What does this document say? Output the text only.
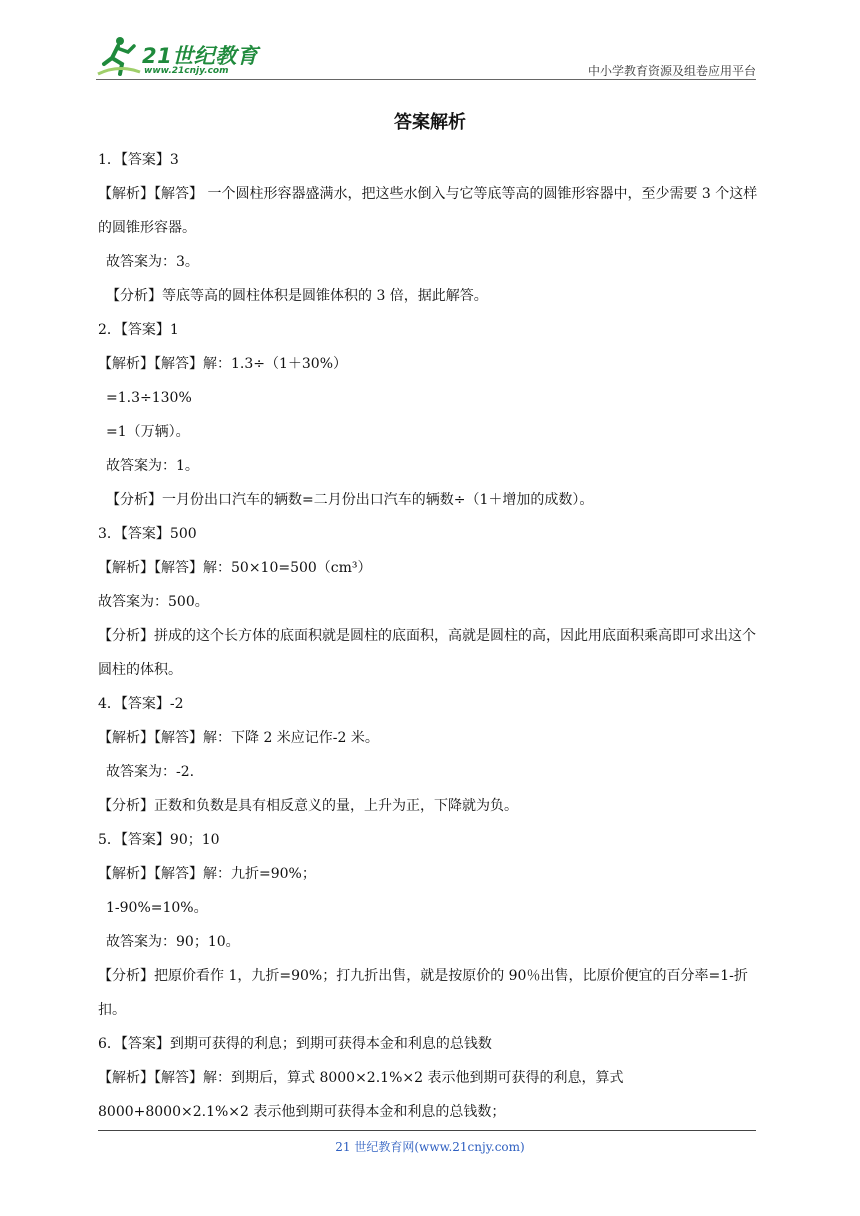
21世纪教育
www.21cnjy.com	中小学教育资源及组卷应用平台
答案解析
1．【答案】3
【解析】【解答】 一个圆柱形容器盛满水，把这些水倒入与它等底等高的圆锥形容器中，至少需要 3 个这样的圆锥形容器。
故答案为：3。
【分析】等底等高的圆柱体积是圆锥体积的 3 倍，据此解答。
2．【答案】1
【解析】【解答】解：1.3÷（1＋30%）
=1.3÷130%
=1（万辆）。
故答案为：1。
【分析】一月份出口汽车的辆数=二月份出口汽车的辆数÷（1＋增加的成数）。
3．【答案】500
【解析】【解答】解：50×10=500（cm³）
故答案为：500。
【分析】拼成的这个长方体的底面积就是圆柱的底面积，高就是圆柱的高，因此用底面积乘高即可求出这个圆柱的体积。
4．【答案】-2
【解析】【解答】解：下降 2 米应记作-2 米。
故答案为：-2.
【分析】正数和负数是具有相反意义的量，上升为正，下降就为负。
5．【答案】90；10
【解析】【解答】解：九折=90%；
1-90%=10%。
故答案为：90；10。
【分析】把原价看作 1，九折=90%；打九折出售，就是按原价的 90％出售，比原价便宜的百分率=1-折扣。
6．【答案】到期可获得的利息；到期可获得本金和利息的总钱数
【解析】【解答】解：到期后，算式 8000×2.1%×2 表示他到期可获得的利息，算式 8000+8000×2.1%×2 表示他到期可获得本金和利息的总钱数；
21 世纪教育网(www.21cnjy.com)
